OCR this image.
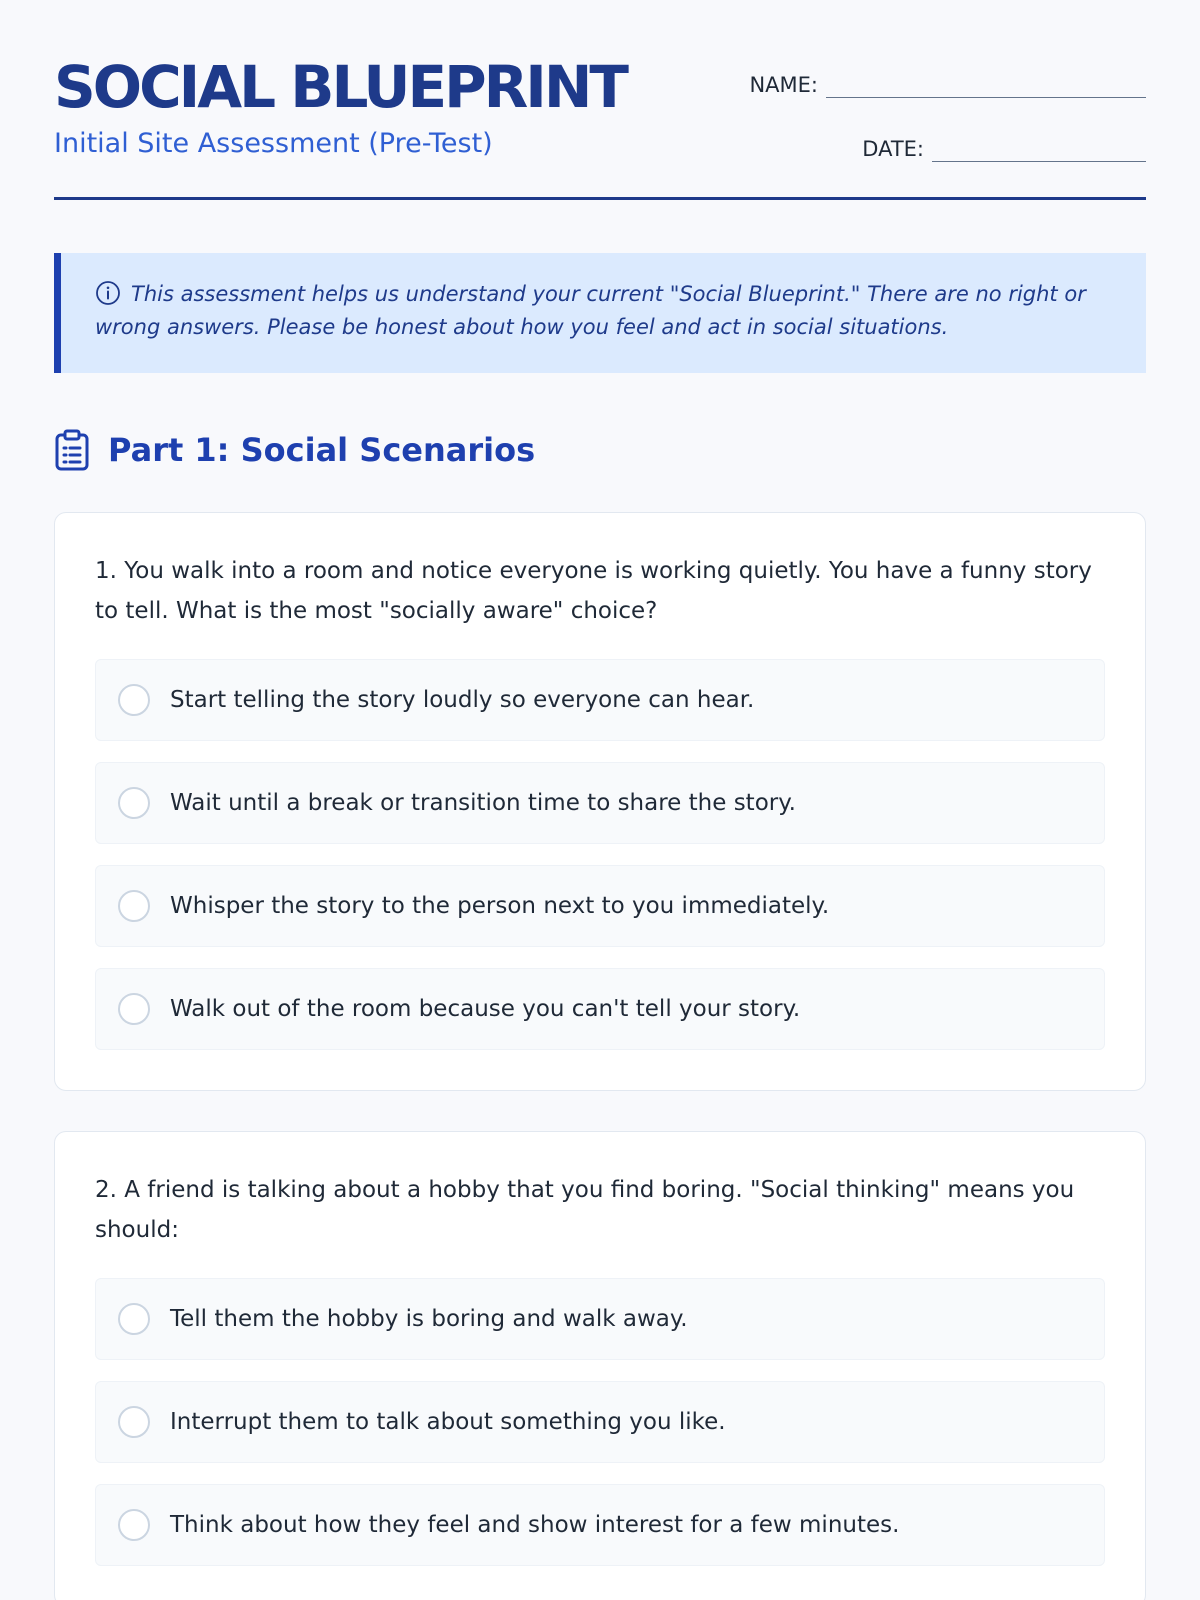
SOCIAL BLUEPRINT
Initial Site Assessment (Pre-Test)
NAME:
DATE:
This assessment helps us understand your current "Social Blueprint." There are no right or wrong answers. Please be honest about how you feel and act in social situations.
Part 1: Social Scenarios
1. You walk into a room and notice everyone is working quietly. You have a funny story to tell. What is the most "socially aware" choice?
Start telling the story loudly so everyone can hear.
Wait until a break or transition time to share the story.
Whisper the story to the person next to you immediately.
Walk out of the room because you can't tell your story.
2. A friend is talking about a hobby that you find boring. "Social thinking" means you should:
Tell them the hobby is boring and walk away.
Interrupt them to talk about something you like.
Think about how they feel and show interest for a few minutes.
